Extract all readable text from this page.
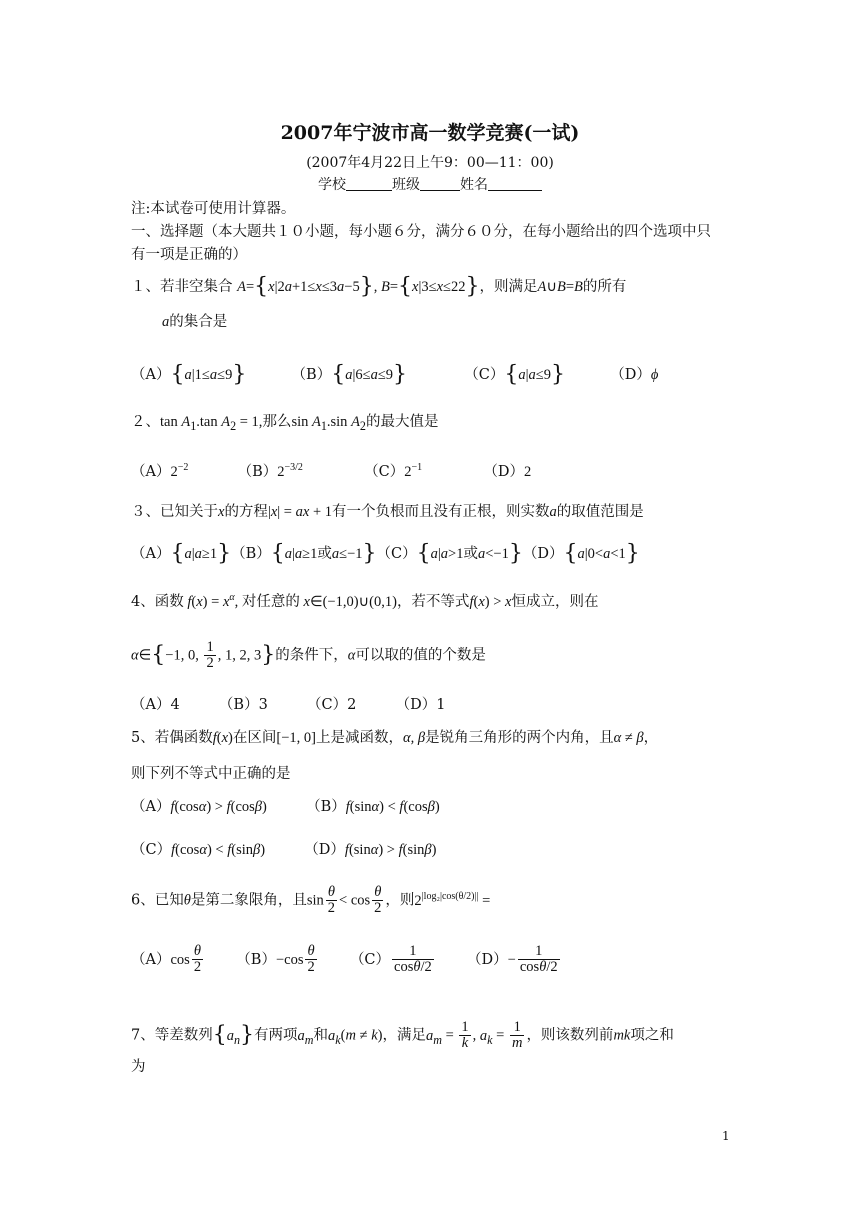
2007年宁波市高一数学竞赛(一试)
(2007年4月22日上午9：00—11：00)
学校	班级	姓名
注:本试卷可使用计算器。
一、选择题（本大题共１０小题，每小题６分，满分６０分，在每小题给出的四个选项中只
有一项是正确的）
１、若非空集合 A={x|2a+1≤x≤3a−5}, B={x|3≤x≤22}，则满足A∪B=B的所有
a的集合是
（A）{a|1≤a≤9}	（B）{a|6≤a≤9}	（C）{a|a≤9}	（D）ϕ
２、$\tan A_1.\tan$ $A_2 = 1$,那么$\sin A_1.\sin$ $A_2$的最大值是
$(A)2^{-2}$	$(B)2^{-3/2}$	$(C)2^{-1}$	（D）2
３、已知关于x的方程|x| = ax + 1有一个负根而且没有正根，则实数a的取值范围是
（A）{a|a≥1}（B）{a|a≥1或a≤−1}（C）{a|a>1或a<−1}（D）{a|0<a<1}
4、函数 $f(x) = x^\alpha$, 对任意的 x∈(−1,0)∪(0,1)，若不等式f(x) > x恒成立，则在
α∈{−1, 0, $\frac{1}{2}$ , 1, 2, 3}的条件下，α可以取的值的个数是
（A）4	（B）3	（C）2	（D）1
5、若偶函数f(x)在区间[−1, 0]上是减函数，α, β是锐角三角形的两个内角，且α ≠ β，
则下列不等式中正确的是
（A）f(cosα) > f(cosβ)	（B）f(sinα) < f(cosβ)
（C）f(cosα) < f(sinβ)	（D）f(sinα) > f(sinβ)
6、已知θ是第二象限角，且$\sin \frac{\theta}{2} < \cos \frac{\theta}{2}$ ，则$2^{|log_2|cos(\theta/2)||}$ =
$(A)\cos \frac{\theta}{2} (B)-\cos \frac{\theta}{2} (C) \frac{1}{\cos\theta/2} (D)- \frac{1}{\cos\theta/2}$
7、等差数列$\{a_n\}$有两项$a_m$和$a_k(m \ne k)$，满足$a_m = \frac{1}{k}$ , $a_k = \frac{1}{m}$ ，则该数列前mk项之和
为
1
